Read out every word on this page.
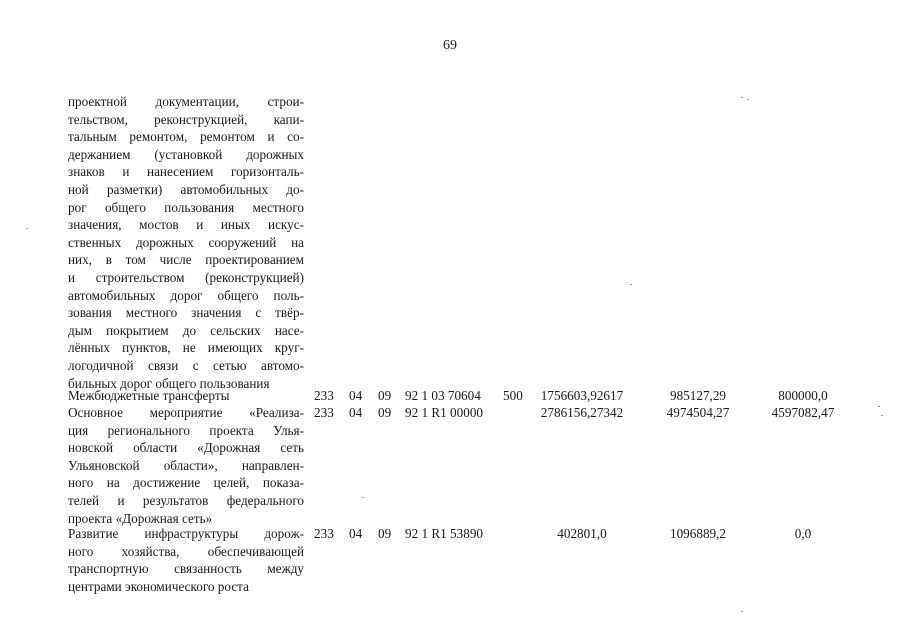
69
проектной документации, строи-
тельством, реконструкцией, капи-
тальным ремонтом, ремонтом и со-
держанием (установкой дорожных
знаков и нанесением горизонталь-
ной разметки) автомобильных до-
рог общего пользования местного
значения, мостов и иных искус-
ственных дорожных сооружений на
них, в том числе проектированием
и строительством (реконструкцией)
автомобильных дорог общего поль-
зования местного значения с твёр-
дым покрытием до сельских насе-
лённых пунктов, не имеющих круг-
логодичной связи с сетью автомо-
бильных дорог общего пользования
Межбюджетные трансферты	233 04 09 92 1 03 70604 500	1756603,92617	985127,29	800000,0
Основное мероприятие «Реализа-
ция регионального проекта Улья-
новской области «Дорожная сеть
Ульяновской области», направлен-
ного на достижение целей, показа-
телей и результатов федерального
проекта «Дорожная сеть»
233 04 09 92 1 R1 00000	2786156,27342	4974504,27	4597082,47
Развитие инфраструктуры дорож-
ного хозяйства, обеспечивающей
транспортную связанность между
центрами экономического роста
233 04 09 92 1 R1 53890	402801,0	1096889,2	0,0
